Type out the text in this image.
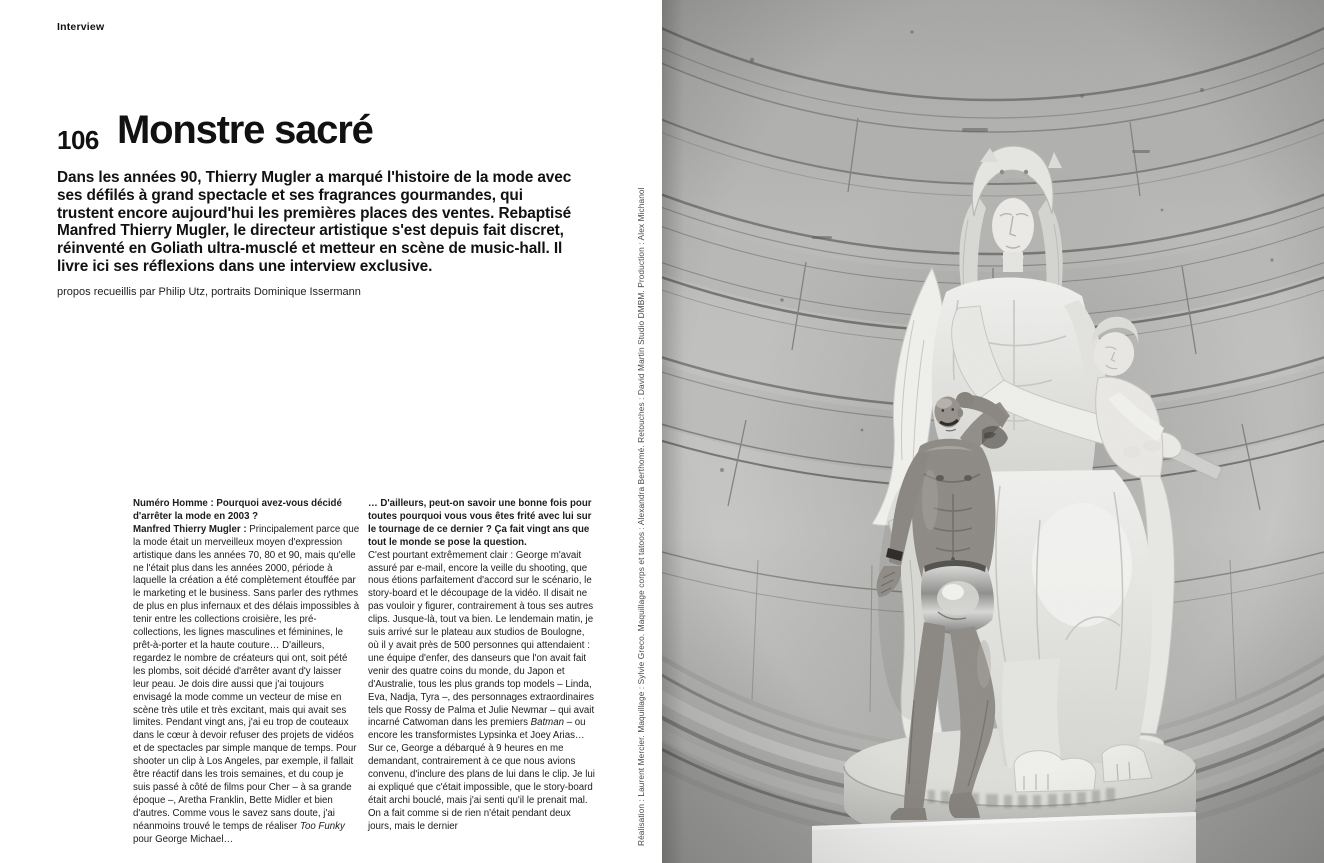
Interview
106 Monstre sacré

Dans les années 90, Thierry Mugler a marqué l'histoire de la mode avec ses défilés à grand spectacle et ses fragrances gourmandes, qui trustent encore aujourd'hui les premières places des ventes. Rebaptisé Manfred Thierry Mugler, le directeur artistique s'est depuis fait discret, réinventé en Goliath ultra-musclé et metteur en scène de music-hall. Il livre ici ses réflexions dans une interview exclusive.

propos recueillis par Philip Utz, portraits Dominique Issermann

Numéro Homme : Pourquoi avez-vous décidé d'arrêter la mode en 2003 ?
Manfred Thierry Mugler : Principalement parce que la mode était un merveilleux moyen d'expression artistique dans les années 70, 80 et 90, mais qu'elle ne l'était plus dans les années 2000, période à laquelle la création a été complètement étouffée par le marketing et le business. Sans parler des rythmes de plus en plus infernaux et des délais impossibles à tenir entre les collections croisière, les pré-collections, les lignes masculines et féminines, le prêt-à-porter et la haute couture… D'ailleurs, regardez le nombre de créateurs qui ont, soit pété les plombs, soit décidé d'arrêter avant d'y laisser leur peau. Je dois dire aussi que j'ai toujours envisagé la mode comme un vecteur de mise en scène très utile et très excitant, mais qui avait ses limites. Pendant vingt ans, j'ai eu trop de couteaux dans le cœur à devoir refuser des projets de vidéos et de spectacles par simple manque de temps. Pour shooter un clip à Los Angeles, par exemple, il fallait être réactif dans les trois semaines, et du coup je suis passé à côté de films pour Cher – à sa grande époque –, Aretha Franklin, Bette Midler et bien d'autres. Comme vous le savez sans doute, j'ai néanmoins trouvé le temps de réaliser Too Funky pour George Michael…
… D'ailleurs, peut-on savoir une bonne fois pour toutes pourquoi vous vous êtes frité avec lui sur le tournage de ce dernier ? Ça fait vingt ans que tout le monde se pose la question.
C'est pourtant extrêmement clair : George m'avait assuré par e-mail, encore la veille du shooting, que nous étions parfaitement d'accord sur le scénario, le story-board et le découpage de la vidéo. Il disait ne pas vouloir y figurer, contrairement à tous ses autres clips. Jusque-là, tout va bien. Le lendemain matin, je suis arrivé sur le plateau aux studios de Boulogne, où il y avait près de 500 personnes qui attendaient : une équipe d'enfer, des danseurs que l'on avait fait venir des quatre coins du monde, du Japon et d'Australie, tous les plus grands top models – Linda, Eva, Nadja, Tyra –, des personnages extraordinaires tels que Rossy de Palma et Julie Newmar – qui avait incarné Catwoman dans les premiers Batman – ou encore les transformistes Lypsinka et Joey Arias… Sur ce, George a débarqué à 9 heures en me demandant, contrairement à ce que nous avions convenu, d'inclure des plans de lui dans le clip. Je lui ai expliqué que c'était impossible, que le story-board était archi bouclé, mais j'ai senti qu'il le prenait mal. On a fait comme si de rien n'était pendant deux jours, mais le dernier	Réalisation : Laurent Mercier. Maquillage : Sylvie Greco. Maquillage corps et tatoos : Alexandra Berthomé. Retouches : David Martin Studio DMBM. Production : Alex Michanol
